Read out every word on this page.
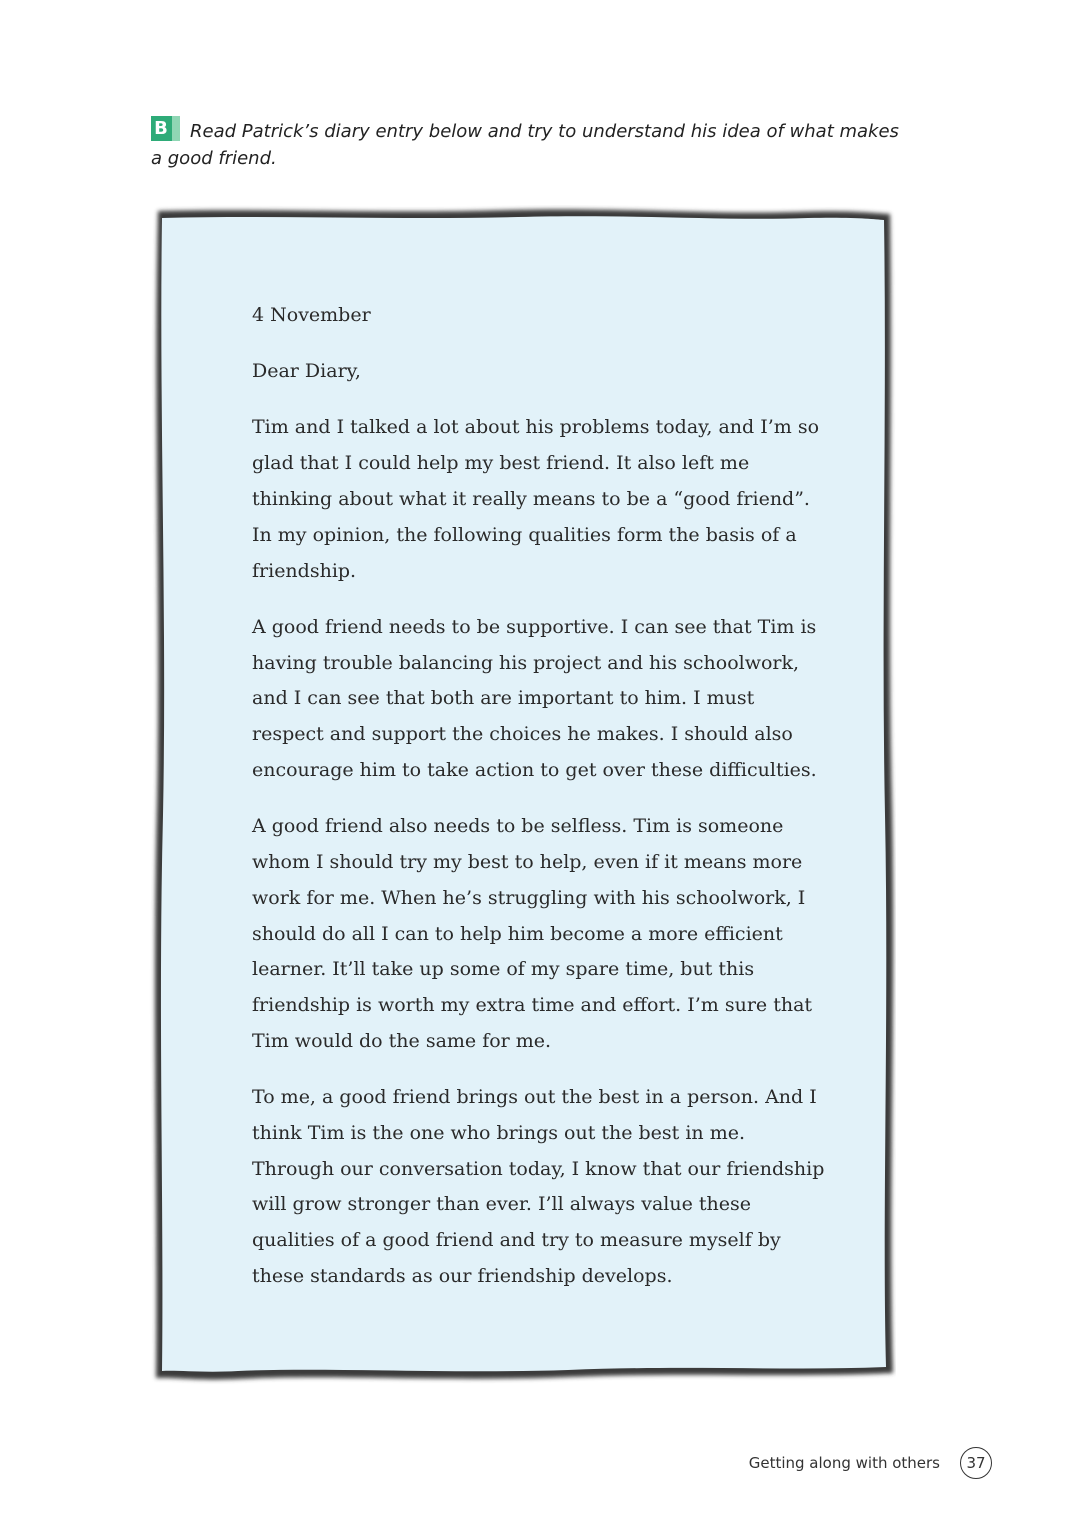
B Read Patrick’s diary entry below and try to understand his idea of what makes a good friend.

4 November

Dear Diary,

Tim and I talked a lot about his problems today, and I’m so glad that I could help my best friend. It also left me thinking about what it really means to be a “good friend”. In my opinion, the following qualities form the basis of a friendship.

A good friend needs to be supportive. I can see that Tim is having trouble balancing his project and his schoolwork, and I can see that both are important to him. I must respect and support the choices he makes. I should also encourage him to take action to get over these difficulties.

A good friend also needs to be selfless. Tim is someone whom I should try my best to help, even if it means more work for me. When he’s struggling with his schoolwork, I should do all I can to help him become a more efficient learner. It’ll take up some of my spare time, but this friendship is worth my extra time and effort. I’m sure that Tim would do the same for me.

To me, a good friend brings out the best in a person. And I think Tim is the one who brings out the best in me. Through our conversation today, I know that our friendship will grow stronger than ever. I’ll always value these qualities of a good friend and try to measure myself by these standards as our friendship develops.

Getting along with others	37
